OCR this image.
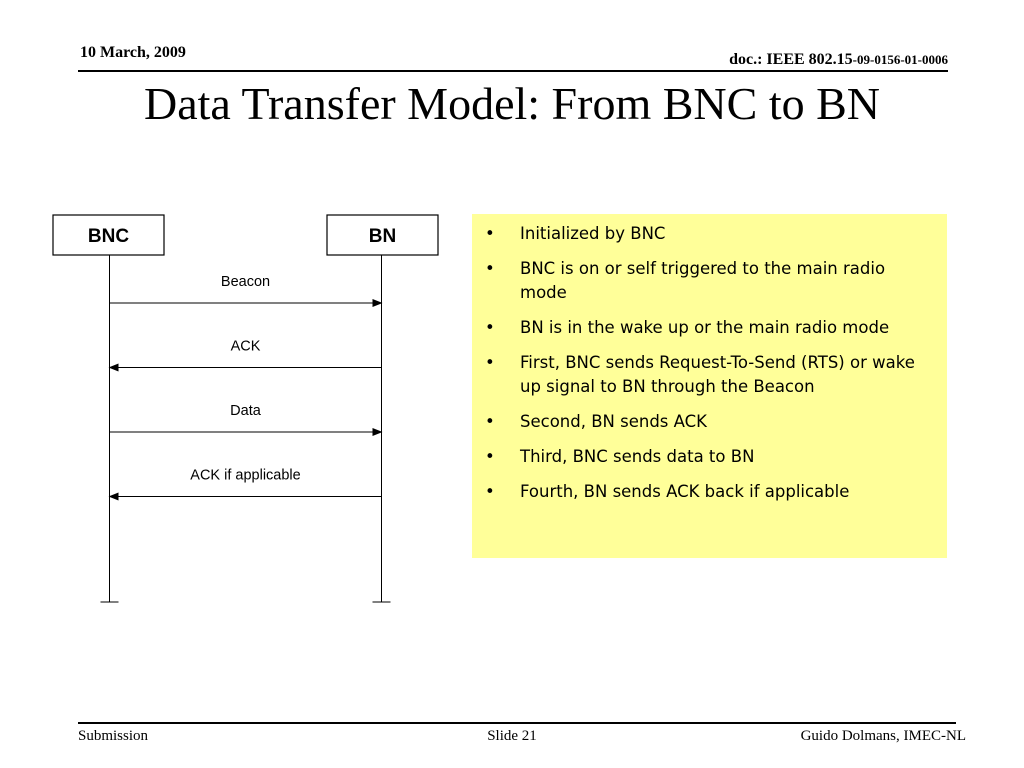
10 March, 2009	doc.: IEEE 802.15-09-0156-01-0006
Data Transfer Model: From BNC to BN
BNC	BN
Beacon
ACK
Data
ACK if applicable
• Initialized by BNC
• BNC is on or self triggered to the main radio mode
• BN is in the wake up or the main radio mode
• First, BNC sends Request-To-Send (RTS) or wake up signal to BN through the Beacon
• Second, BN sends ACK
• Third, BNC sends data to BN
• Fourth, BN sends ACK back if applicable
Submission	Slide 21	Guido Dolmans, IMEC-NL
